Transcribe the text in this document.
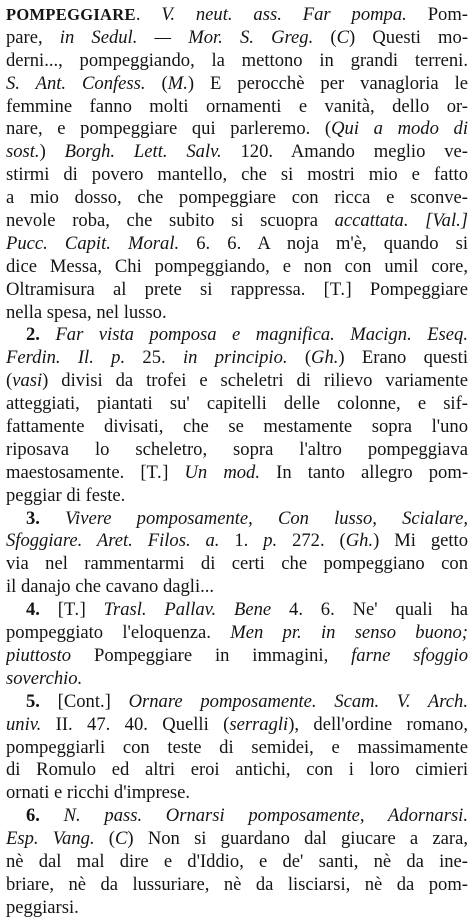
POMPEGGIARE. V. neut. ass. Far pompa. Pom-
pare, in Sedul. — Mor. S. Greg. (C) Questi mo-
derni..., pompeggiando, la mettono in grandi terreni.
S. Ant. Confess. (M.) E perocchè per vanagloria le
femmine fanno molti ornamenti e vanità, dello or-
nare, e pompeggiare qui parleremo. (Qui a modo di
sost.) Borgh. Lett. Salv. 120. Amando meglio ve-
stirmi di povero mantello, che si mostri mio e fatto
a mio dosso, che pompeggiare con ricca e sconve-
nevole roba, che subito si scuopra accattata. [Val.]
Pucc. Capit. Moral. 6. 6. A noja m'è, quando si
dice Messa, Chi pompeggiando, e non con umil core,
Oltramisura al prete si rappressa. [T.] Pompeggiare
nella spesa, nel lusso.
2. Far vista pomposa e magnifica. Macign. Eseq.
Ferdin. Il. p. 25. in principio. (Gh.) Erano questi
(vasi) divisi da trofei e scheletri di rilievo variamente
atteggiati, piantati su' capitelli delle colonne, e sif-
fattamente divisati, che se mestamente sopra l'uno
riposava lo scheletro, sopra l'altro pompeggiava
maestosamente. [T.] Un mod. In tanto allegro pom-
peggiar di feste.
3. Vivere pomposamente, Con lusso, Scialare,
Sfoggiare. Aret. Filos. a. 1. p. 272. (Gh.) Mi getto
via nel rammentarmi di certi che pompeggiano con
il danajo che cavano dagli...
4. [T.] Trasl. Pallav. Bene 4. 6. Ne' quali ha
pompeggiato l'eloquenza. Men pr. in senso buono;
piuttosto Pompeggiare in immagini, farne sfoggio
soverchio.
5. [Cont.] Ornare pomposamente. Scam. V. Arch.
univ. II. 47. 40. Quelli (serragli), dell'ordine romano,
pompeggiarli con teste di semidei, e massimamente
di Romulo ed altri eroi antichi, con i loro cimieri
ornati e ricchi d'imprese.
6. N. pass. Ornarsi pomposamente, Adornarsi.
Esp. Vang. (C) Non si guardano dal giucare a zara,
nè dal mal dire e d'Iddio, e de' santi, nè da ine-
briare, nè da lussuriare, nè da lisciarsi, nè da pom-
peggiarsi.
